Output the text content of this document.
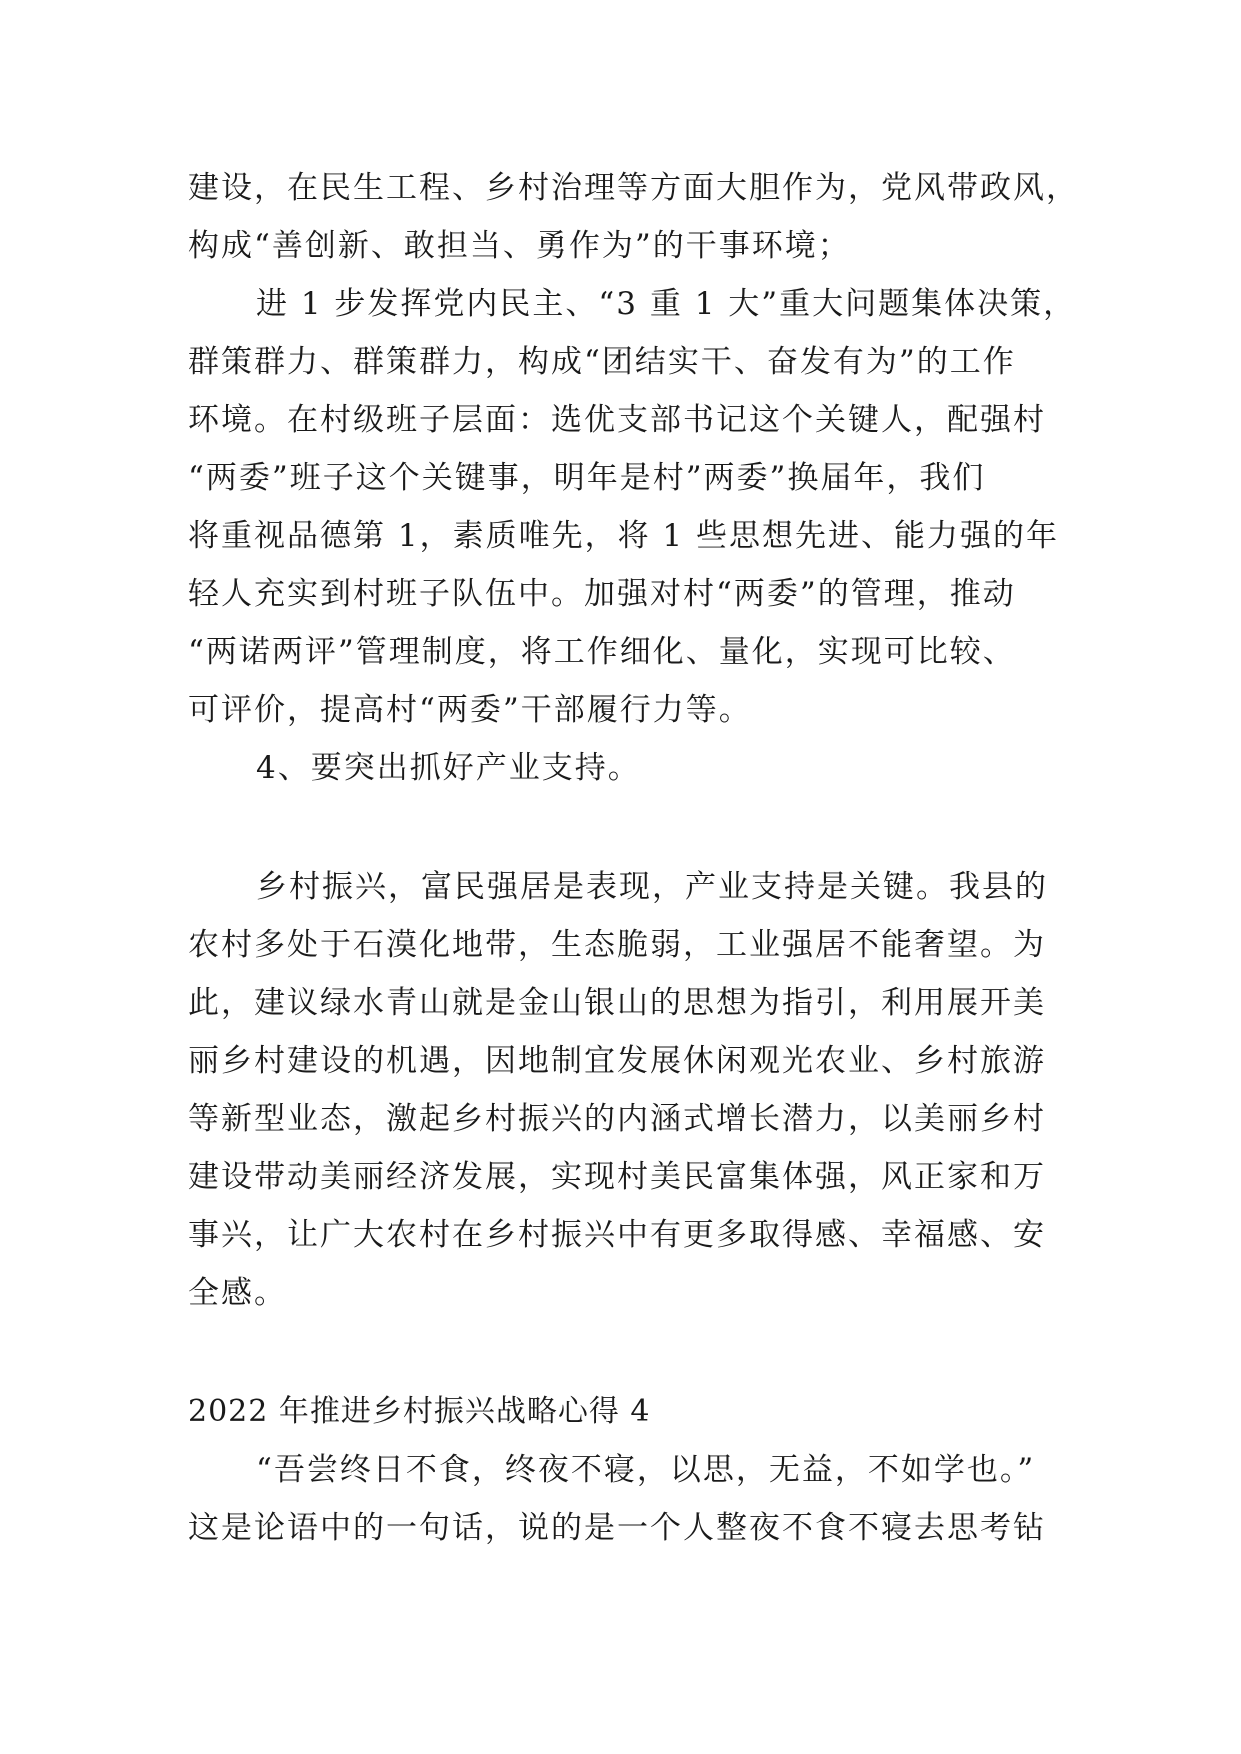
建设，在民生工程、乡村治理等方面大胆作为，党风带政风，
构成“善创新、敢担当、勇作为”的干事环境；
进 1 步发挥党内民主、“3 重 1 大”重大问题集体决策，
群策群力、群策群力，构成“团结实干、奋发有为”的工作
环境。在村级班子层面：选优支部书记这个关键人，配强村
“两委”班子这个关键事，明年是村”两委”换届年，我们
将重视品德第 1，素质唯先，将 1 些思想先进、能力强的年
轻人充实到村班子队伍中。加强对村“两委”的管理，推动
“两诺两评”管理制度，将工作细化、量化，实现可比较、
可评价，提高村“两委”干部履行力等。
4、要突出抓好产业支持。
乡村振兴，富民强居是表现，产业支持是关键。我县的
农村多处于石漠化地带，生态脆弱，工业强居不能奢望。为
此，建议绿水青山就是金山银山的思想为指引，利用展开美
丽乡村建设的机遇，因地制宜发展休闲观光农业、乡村旅游
等新型业态，激起乡村振兴的内涵式增长潜力，以美丽乡村
建设带动美丽经济发展，实现村美民富集体强，风正家和万
事兴，让广大农村在乡村振兴中有更多取得感、幸福感、安
全感。
2022 年推进乡村振兴战略心得 4
“吾尝终日不食，终夜不寝，以思，无益，不如学也。”
这是论语中的一句话，说的是一个人整夜不食不寝去思考钻
